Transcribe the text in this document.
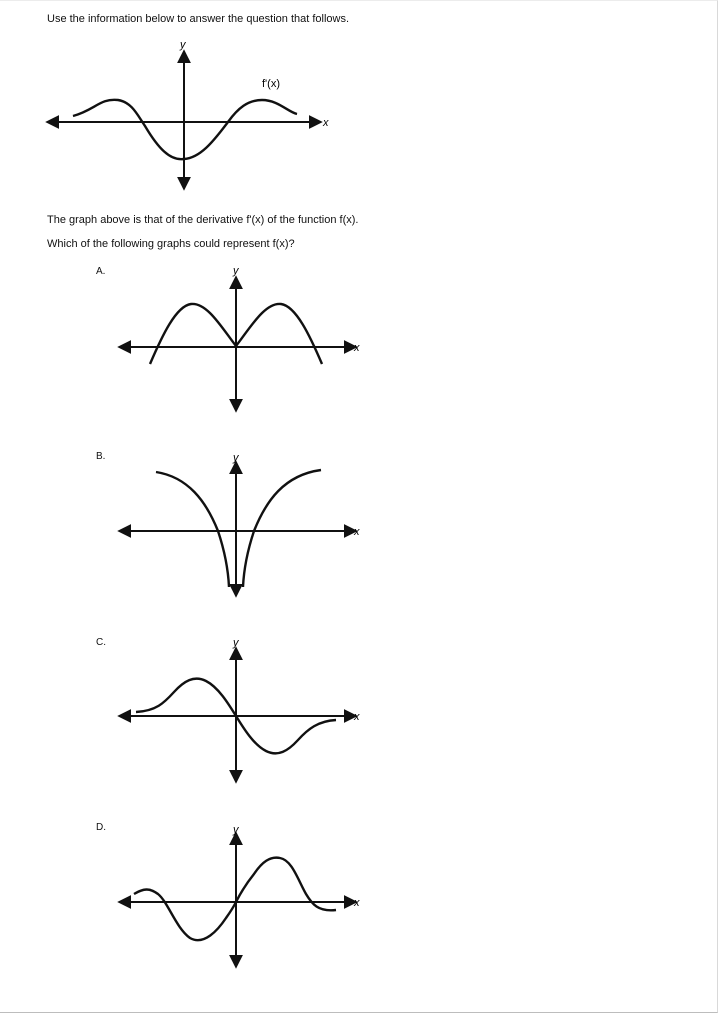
Use the information below to answer the question that follows.
y
x
f'(x)
The graph above is that of the derivative f'(x) of the function f(x).
Which of the following graphs could represent f(x)?
A.	y
x
B.	y
x
C.	y
x
D.	y
x
